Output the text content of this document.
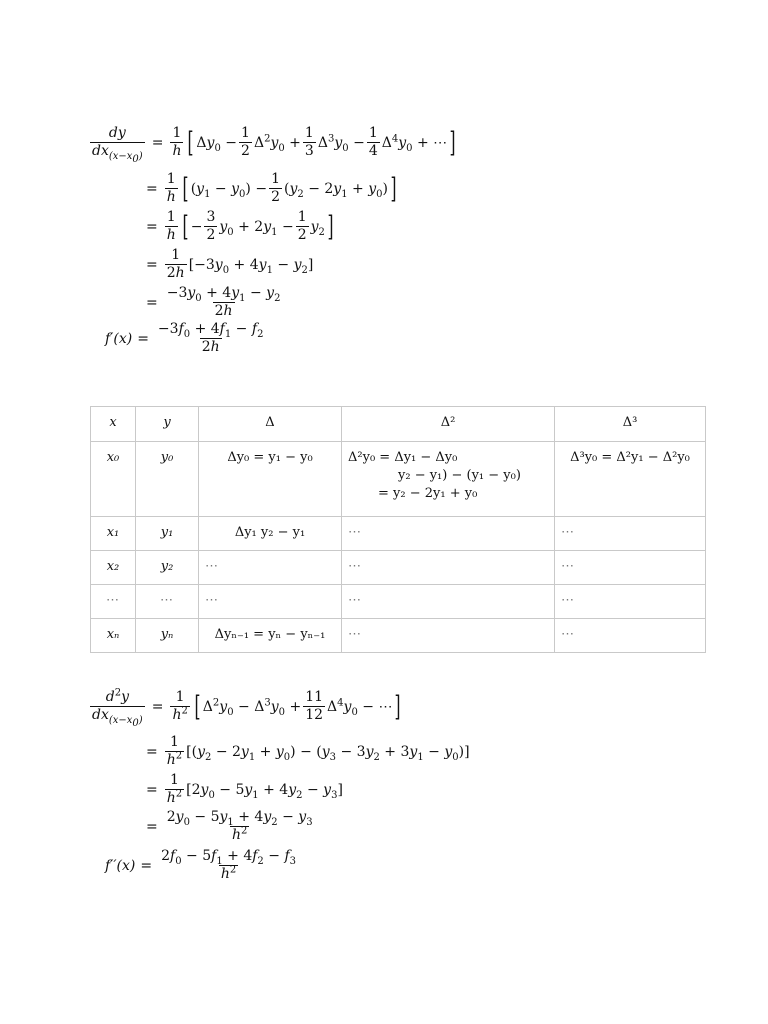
$\frac{dy}{dx_{(x-x_0)}} = \frac{1}{h}$ [ $\Delta y_0 - \frac{1}{2} \Delta^2y_0 + \frac{1}{3} \Delta^3y_0 - \frac{1}{4} \Delta^4y_0$ + ⋯ ]
= $\frac{1}{h}$ [ $(y_1 - y_0) - \frac{1}{2} (y_2 - 2y_1 + y_0)$ ]
= $\frac{1}{h}$ [ − $\frac{3}{2} y_0 + 2y_1 - \frac{1}{2} y_2$ ]
= $\frac{1}{2h} [-3y_0 + 4y_1 - y_2]$
= $\frac{-3y_0 + 4y_1 - y_2}{2h}$
$f'(x) = \frac{-3f_0 + 4f_1 - f_2}{2h}$
x	y	Δ	Δ²	Δ³
x₀	y₀	Δy₀ = y₁ − y₀	Δ²y₀ = Δy₁ − Δy₀
y₂ − y₁) − (y₁ − y₀)
= y₂ − 2y₁ + y₀	Δ³y₀ = Δ²y₁ − Δ²y₀
x₁	y₁	Δy₁ y₂ − y₁	⋯	⋯
x₂	y₂	⋯	⋯	⋯
⋯	⋯	⋯	⋯	⋯
xₙ	yₙ	Δyₙ₋₁ = yₙ − yₙ₋₁	⋯	⋯
$\frac{d^2y}{dx_{(x-x_0)}} = \frac{1}{h^2}$ [ $\Delta^2y_0 - \Delta^3y_0 + \frac{11}{12} \Delta^4y_0$ − ⋯ ]
= $\frac{1}{h^2} [(y_2 - 2y_1 + y_0) - (y_3 - 3y_2 + 3y_1 - y_0)]$
= $\frac{1}{h^2} [2y_0 - 5y_1 + 4y_2 - y_3]$
= $\frac{2y_0 - 5y_1 + 4y_2 - y_3}{h^2}$
$f''(x) = \frac{2f_0 - 5f_1 + 4f_2 - f_3}{h^2}$
